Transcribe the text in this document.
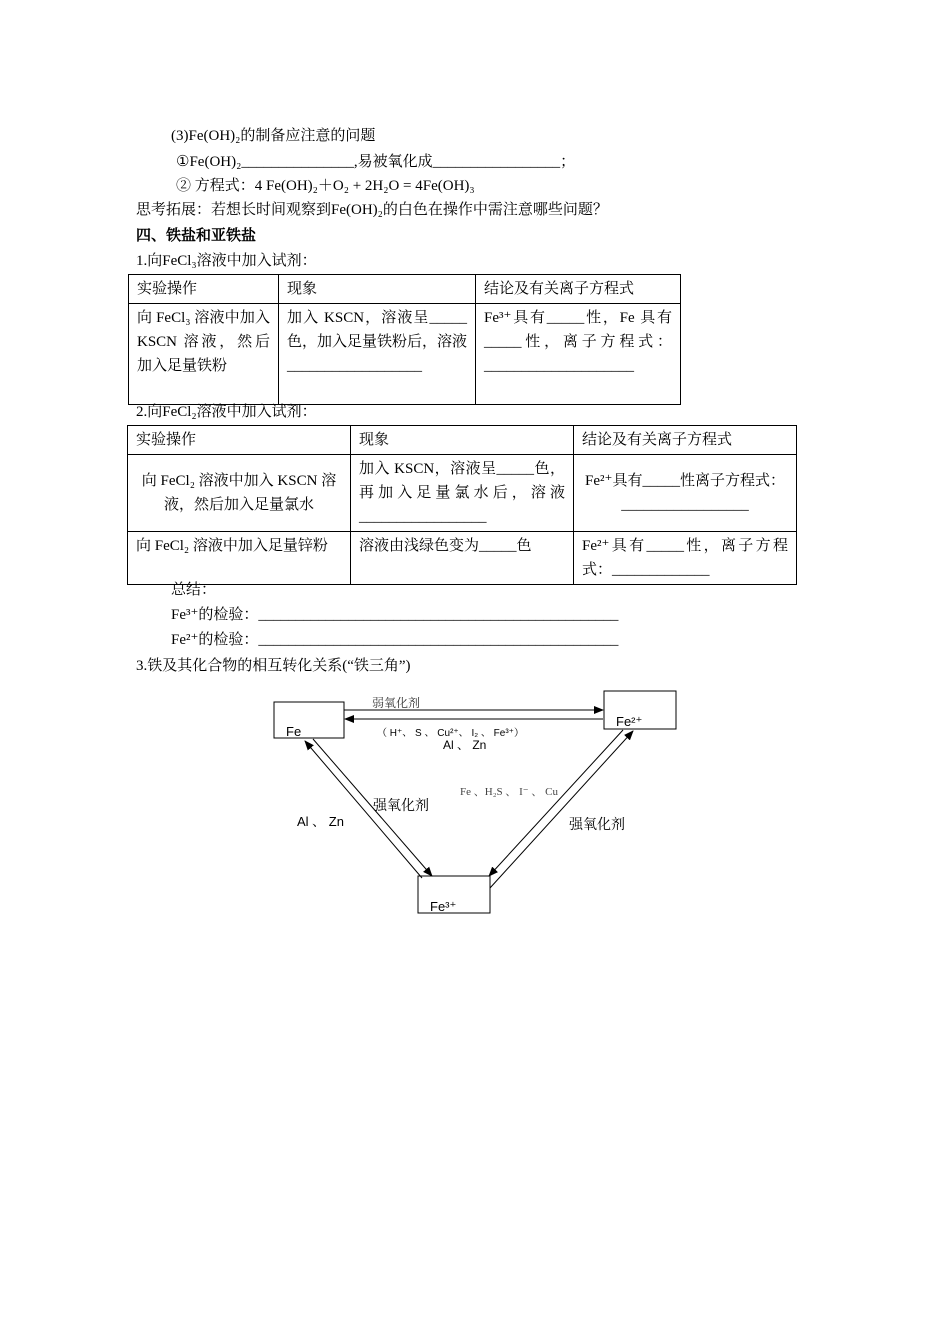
(3)Fe(OH)₂的制备应注意的问题
①Fe(OH)₂_______________,易被氧化成_________________；
② 方程式：4 Fe(OH)₂＋O₂ + 2H₂O = 4Fe(OH)₃
思考拓展：若想长时间观察到Fe(OH)₂的白色在操作中需注意哪些问题？
四、铁盐和亚铁盐
1.向FeCl₃溶液中加入试剂：
实验操作	现象	结论及有关离子方程式
向 FeCl₃ 溶液中加入 KSCN 溶液，然后加入足量铁粉	加入 KSCN，溶液呈_____色，加入足量铁粉后，溶液__________________	Fe³⁺具有_____性，Fe 具有_____性，离子方程式：____________________
2.向FeCl₂溶液中加入试剂：
实验操作	现象	结论及有关离子方程式
向 FeCl₂ 溶液中加入 KSCN 溶液，然后加入足量氯水	加入 KSCN，溶液呈_____色，再加入足量氯水后，溶液_________________	Fe²⁺具有_____性离子方程式：_________________
向 FeCl₂ 溶液中加入足量锌粉	溶液由浅绿色变为_____色	Fe²⁺具有_____性，离子方程式：_____________
总结：
Fe³⁺的检验：________________________________________________
Fe²⁺的检验：________________________________________________
3.铁及其化合物的相互转化关系(“铁三角”)
Fe
Fe²⁺
Fe³⁺
弱氧化剂
（ H⁺、 S 、 Cu²⁺、 I₂ 、 Fe³⁺）
Al 、 Zn
Al 、 Zn
强氧化剂
Fe 、H₂S 、 I⁻ 、 Cu
强氧化剂
